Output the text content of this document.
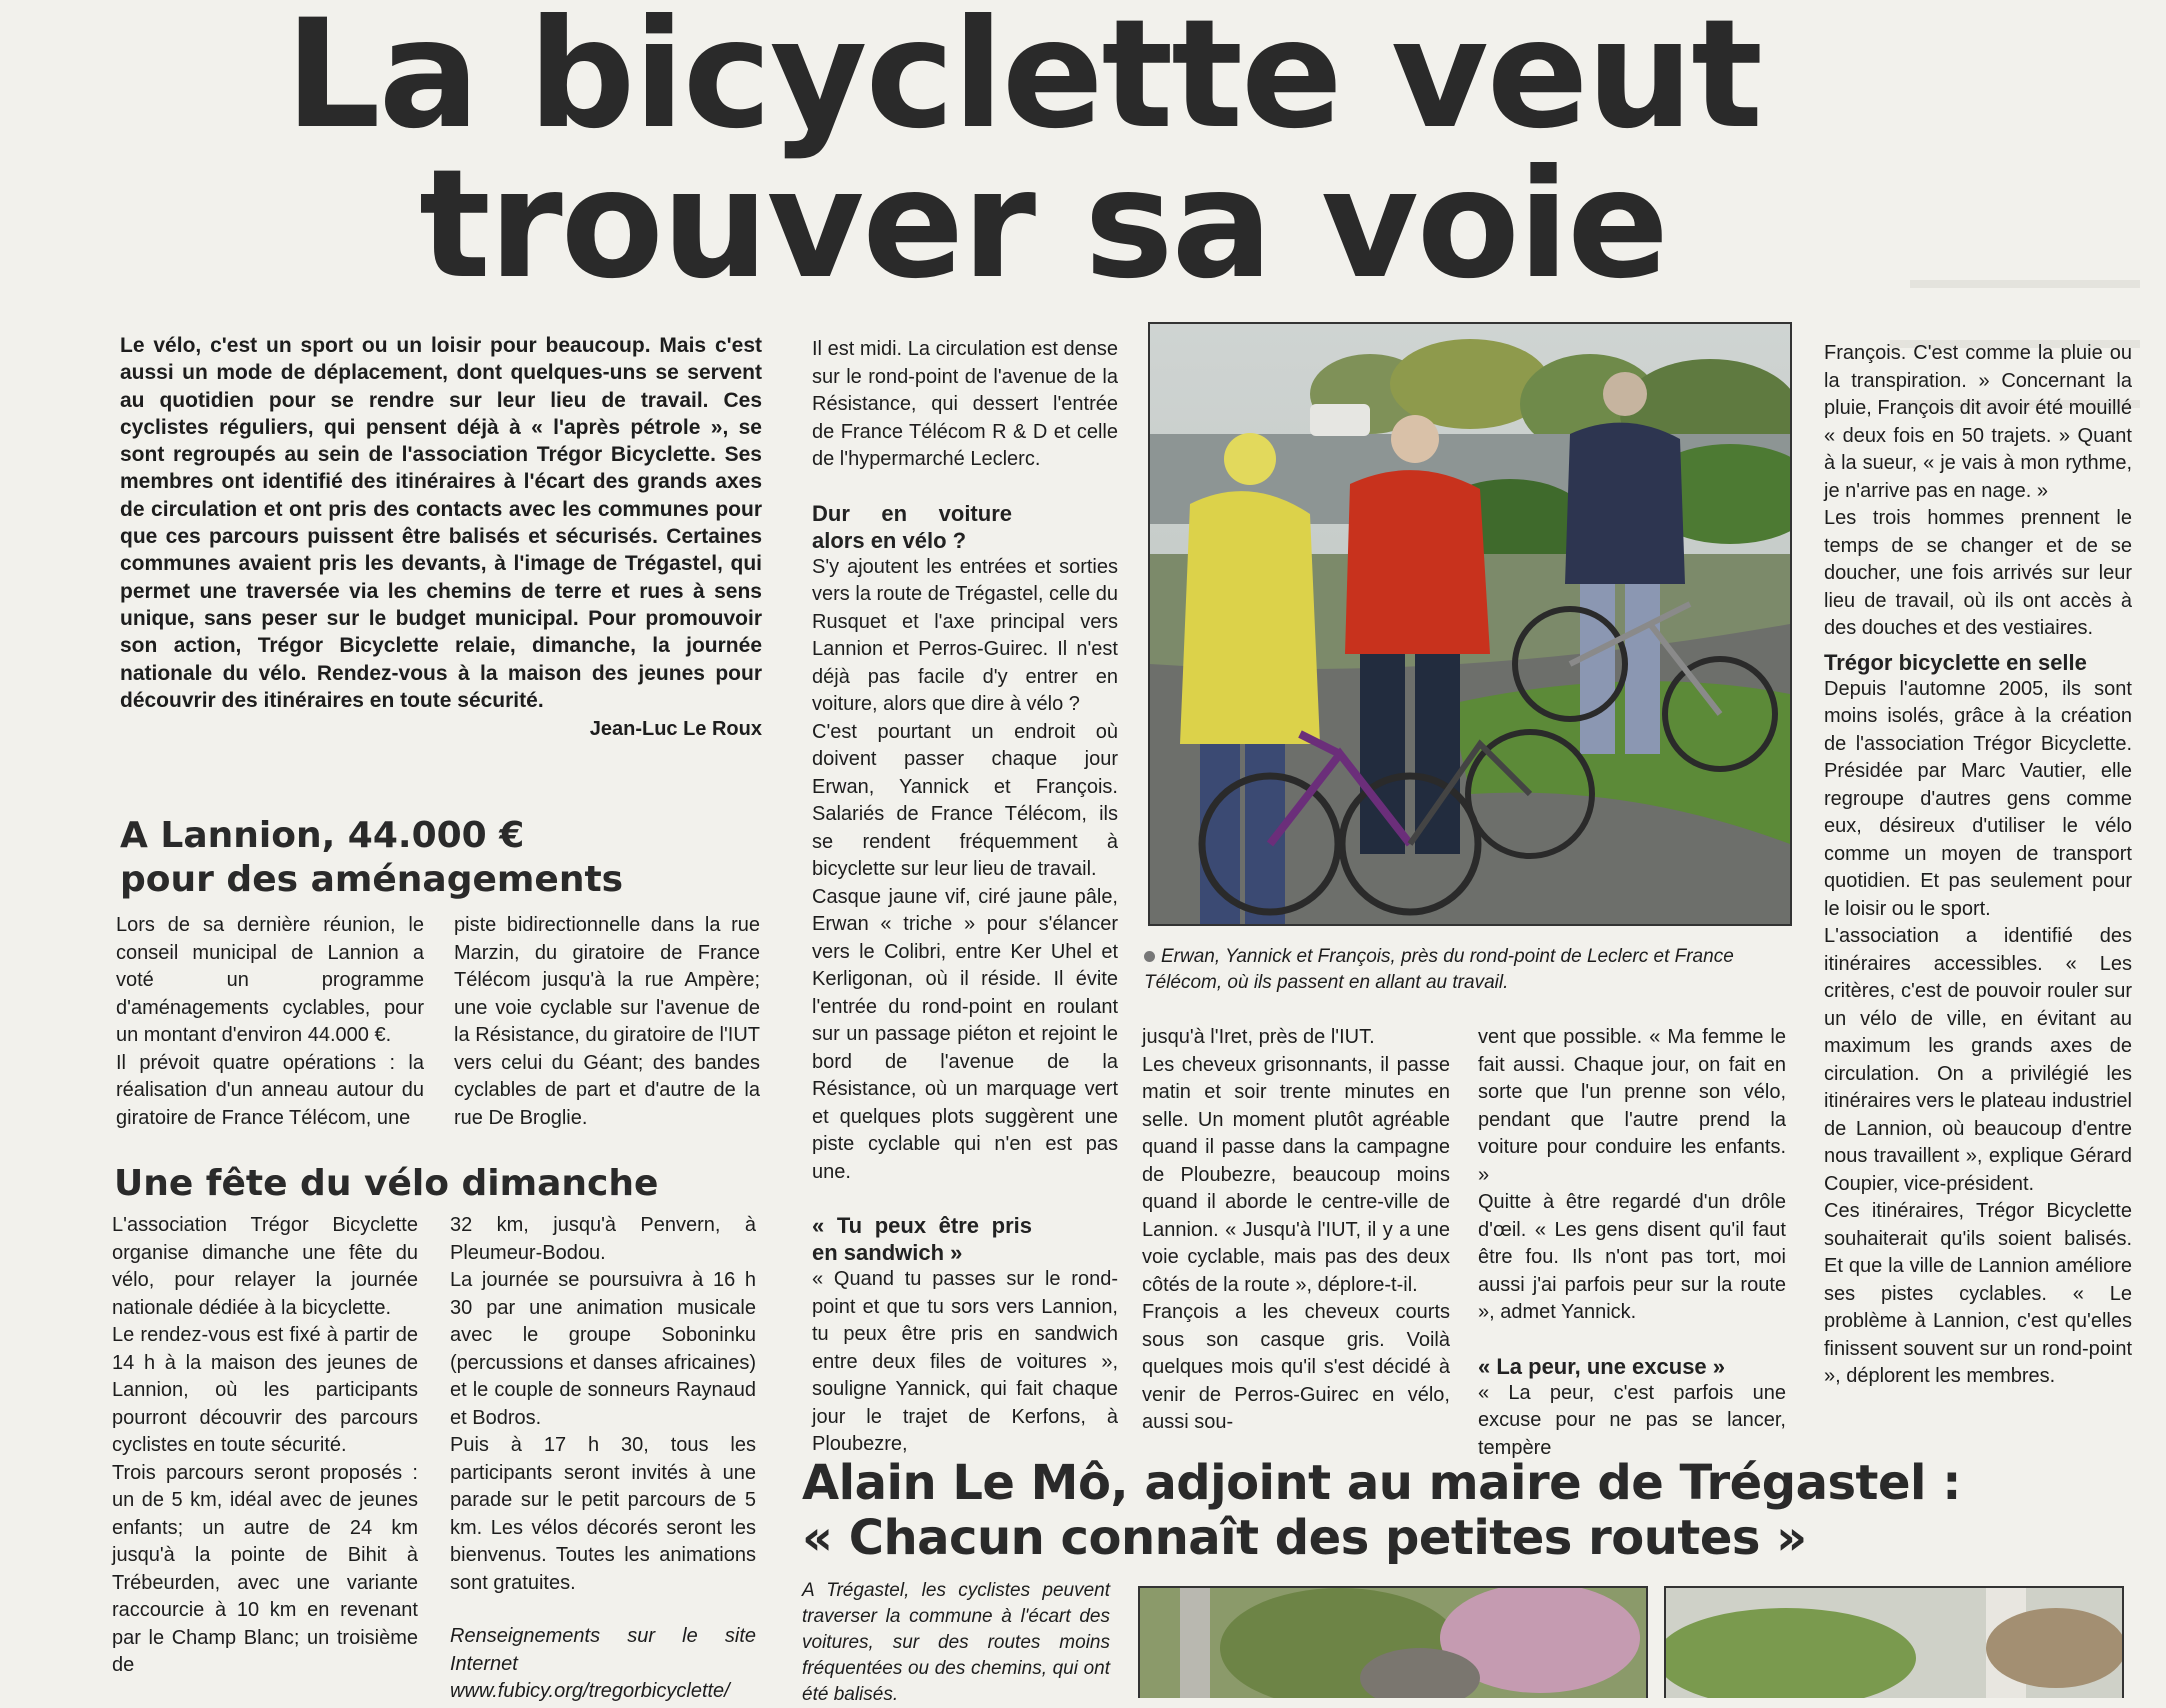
La bicyclette veut
trouver sa voie

Le vélo, c'est un sport ou un loisir pour beaucoup. Mais c'est aussi un mode de déplacement, dont quelques-uns se servent au quotidien pour se rendre sur leur lieu de travail. Ces cyclistes réguliers, qui pensent déjà à « l'après pétrole », se sont regroupés au sein de l'association Trégor Bicyclette. Ses membres ont identifié des itinéraires à l'écart des grands axes de circulation et ont pris des contacts avec les communes pour que ces parcours puissent être balisés et sécurisés. Certaines communes avaient pris les devants, à l'image de Trégastel, qui permet une traversée via les chemins de terre et rues à sens unique, sans peser sur le budget municipal. Pour promouvoir son action, Trégor Bicyclette relaie, dimanche, la journée nationale du vélo. Rendez-vous à la maison des jeunes pour découvrir des itinéraires en toute sécurité.

Jean-Luc Le Roux
A Lannion, 44.000 €
pour des aménagements

Lors de sa dernière réunion, le conseil municipal de Lannion a voté un programme d'aménagements cyclables, pour un montant d'environ 44.000 €.

Il prévoit quatre opérations : la réalisation d'un anneau autour du giratoire de France Télécom, une

piste bidirectionnelle dans la rue Marzin, du giratoire de France Télécom jusqu'à la rue Ampère; une voie cyclable sur l'avenue de la Résistance, du giratoire de l'IUT vers celui du Géant; des bandes cyclables de part et d'autre de la rue De Broglie.

Une fête du vélo dimanche

L'association Trégor Bicyclette organise dimanche une fête du vélo, pour relayer la journée nationale dédiée à la bicyclette.

Le rendez-vous est fixé à partir de 14 h à la maison des jeunes de Lannion, où les participants pourront découvrir des parcours cyclistes en toute sécurité.

Trois parcours seront proposés : un de 5 km, idéal avec de jeunes enfants; un autre de 24 km jusqu'à la pointe de Bihit à Trébeurden, avec une variante raccourcie à 10 km en revenant par le Champ Blanc; un troisième de

32 km, jusqu'à Penvern, à Pleumeur-Bodou.

La journée se poursuivra à 16 h 30 par une animation musicale avec le groupe Soboninku (percussions et danses africaines) et le couple de sonneurs Raynaud et Bodros.

Puis à 17 h 30, tous les participants seront invités à une parade sur le petit parcours de 5 km. Les vélos décorés seront les bienvenus. Toutes les animations sont gratuites.

Renseignements sur le site Internet www.fubicy.org/tregorbicyclette/

Il est midi. La circulation est dense sur le rond-point de l'avenue de la Résistance, qui dessert l'entrée de France Télécom R & D et celle de l'hypermarché Leclerc.

Dur en voiture alors en vélo ?

S'y ajoutent les entrées et sorties vers la route de Trégastel, celle du Rusquet et l'axe principal vers Lannion et Perros-Guirec. Il n'est déjà pas facile d'y entrer en voiture, alors que dire à vélo ?

C'est pourtant un endroit où doivent passer chaque jour Erwan, Yannick et François. Salariés de France Télécom, ils se rendent fréquemment à bicyclette sur leur lieu de travail.

Casque jaune vif, ciré jaune pâle, Erwan « triche » pour s'élancer vers le Colibri, entre Ker Uhel et Kerligonan, où il réside. Il évite l'entrée du rond-point en roulant sur un passage piéton et rejoint le bord de l'avenue de la Résistance, où un marquage vert et quelques plots suggèrent une piste cyclable qui n'en est pas une.

« Tu peux être pris en sandwich »

« Quand tu passes sur le rond-point et que tu sors vers Lannion, tu peux être pris en sandwich entre deux files de voitures », souligne Yannick, qui fait chaque jour le trajet de Kerfons, à Ploubezre,

Erwan, Yannick et François, près du rond-point de Leclerc et France Télécom, où ils passent en allant au travail.

jusqu'à l'Iret, près de l'IUT.

Les cheveux grisonnants, il passe matin et soir trente minutes en selle. Un moment plutôt agréable quand il passe dans la campagne de Ploubezre, beaucoup moins quand il aborde le centre-ville de Lannion. « Jusqu'à l'IUT, il y a une voie cyclable, mais pas des deux côtés de la route », déplore-t-il.

François a les cheveux courts sous son casque gris. Voilà quelques mois qu'il s'est décidé à venir de Perros-Guirec en vélo, aussi sou-

vent que possible. « Ma femme le fait aussi. Chaque jour, on fait en sorte que l'un prenne son vélo, pendant que l'autre prend la voiture pour conduire les enfants. »

Quitte à être regardé d'un drôle d'œil. « Les gens disent qu'il faut être fou. Ils n'ont pas tort, moi aussi j'ai parfois peur sur la route », admet Yannick.

« La peur, une excuse »

« La peur, c'est parfois une excuse pour ne pas se lancer, tempère

François. C'est comme la pluie ou la transpiration. » Concernant la pluie, François dit avoir été mouillé « deux fois en 50 trajets. » Quant à la sueur, « je vais à mon rythme, je n'arrive pas en nage. »

Les trois hommes prennent le temps de se changer et de se doucher, une fois arrivés sur leur lieu de travail, où ils ont accès à des douches et des vestiaires.

Trégor bicyclette en selle

Depuis l'automne 2005, ils sont moins isolés, grâce à la création de l'association Trégor Bicyclette. Présidée par Marc Vautier, elle regroupe d'autres gens comme eux, désireux d'utiliser le vélo comme un moyen de transport quotidien. Et pas seulement pour le loisir ou le sport.

L'association a identifié des itinéraires accessibles. « Les critères, c'est de pouvoir rouler sur un vélo de ville, en évitant au maximum les grands axes de circulation. On a privilégié les itinéraires vers le plateau industriel de Lannion, où beaucoup d'entre nous travaillent », explique Gérard Coupier, vice-président.

Ces itinéraires, Trégor Bicyclette souhaiterait qu'ils soient balisés. Et que la ville de Lannion améliore ses pistes cyclables. « Le problème à Lannion, c'est qu'elles finissent souvent sur un rond-point », déplorent les membres.

Alain Le Mô, adjoint au maire de Trégastel :
« Chacun connaît des petites routes »
A Trégastel, les cyclistes peuvent traverser la commune à l'écart des voitures, sur des routes moins fréquentées ou des chemins, qui ont été balisés.
